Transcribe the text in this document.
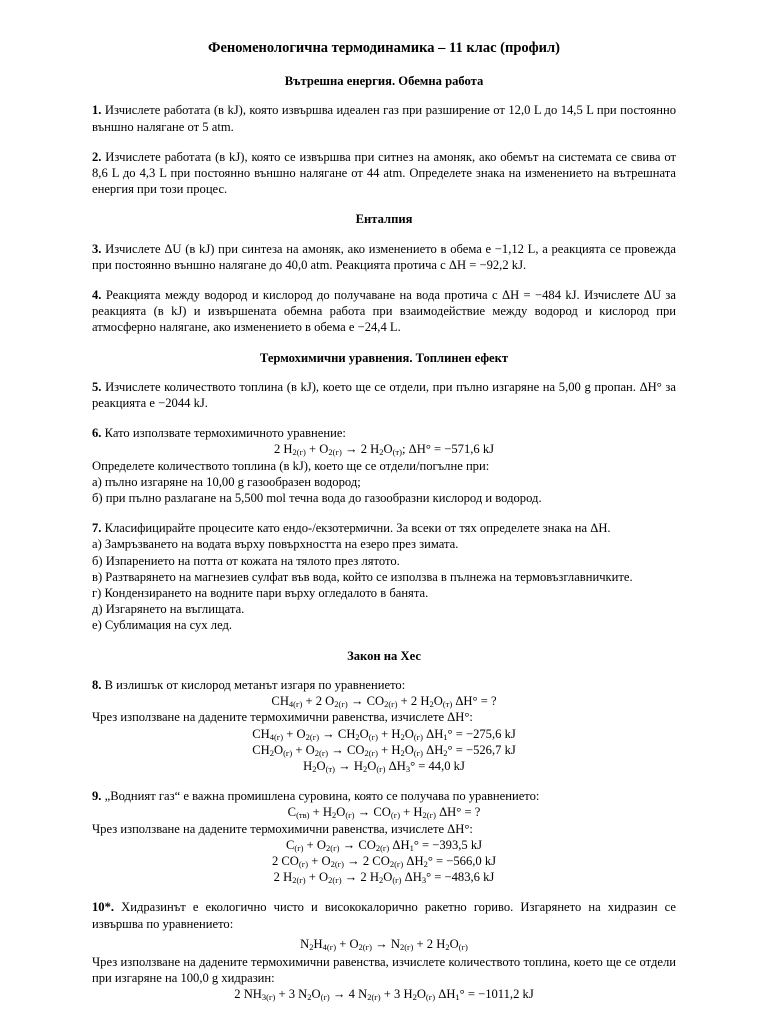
Феноменологична термодинамика – 11 клас (профил)
Вътрешна енергия. Обемна работа

1. Изчислете работата (в kJ), която извършва идеален газ при разширение от 12,0 L до 14,5 L при постоянно външно налягане от 5 atm.

2. Изчислете работата (в kJ), която се извършва при ситнез на амоняк, ако обемът на системата се свива от 8,6 L до 4,3 L при постоянно външно налягане от 44 atm. Определете знака на изменението на вътрешната енергия при този процес.

Енталпия

3. Изчислете ΔU (в kJ) при синтеза на амоняк, ако изменението в обема е −1,12 L, а реакцията се провежда при постоянно външно налягане до 40,0 atm. Реакцията протича с ΔH = −92,2 kJ.

4. Реакцията между водород и кислород до получаване на вода протича с ΔH = −484 kJ. Изчислете ΔU за реакцията (в kJ) и извършената обемна работа при взаимодействие между водород и кислород при атмосферно налягане, ако изменението в обема е −24,4 L.

Термохимични уравнения. Топлинен ефект

5. Изчислете количеството топлина (в kJ), което ще се отдели, при пълно изгаряне на 5,00 g пропан. ΔH° за реакцията е −2044 kJ.

6. Като използвате термохимичното уравнение:

2 $H_{2(г)} + O_{2(г)} \to 2$ $H_2O_{(т)}$; ΔH° = −571,6 kJ

Определете количеството топлина (в kJ), което ще се отдели/погълне при:

а) пълно изгаряне на 10,00 g газообразен водород;

б) при пълно разлагане на 5,500 mol течна вода до газообразни кислород и водород.

7. Класифицирайте процесите като ендо-/екзотермични. За всеки от тях определете знака на ΔH.

а) Замръзването на водата върху повърхността на езеро през зимата.

б) Изпарението на потта от кожата на тялото през лятото.

в) Разтварянето на магнезиев сулфат във вода, който се използва в пълнежа на термовъзглавничките.

г) Кондензирането на водните пари върху огледалото в банята.

д) Изгарянето на въглищата.

е) Сублимация на сух лед.

Закон на Хес

8. В излишък от кислород метанът изгаря по уравнението:

$CH_{4(г)} + 2$ $O_{2(г)} \to CO_{2(г)} + 2$ $H_2O_{(т)}$ ΔH° = ?

Чрез използване на дадените термохимични равенства, изчислете ΔH°:

$CH_{4(г)} + O_{2(г)} \to CH_2O_{(г)} + H_2O_{(г)}$ $\Delta H_1^\circ = -275,6$ kJ

$CH_2O_{(г)} + O_{2(г)} \to CO_{2(г)} + H_2O_{(г)}$ $\Delta H_2^\circ = -526,7$ kJ

$H_2O_{(т)} \to H_2O_{(г)}$ $\Delta H_3^\circ = 44,0$ kJ

9. „Водният газ“ е важна промишлена суровина, която се получава по уравнението:

$C_{(тв)} + H_2O_{(г)} \to CO_{(г)} + H_{2(г)}$ ΔH° = ?

Чрез използване на дадените термохимични равенства, изчислете ΔH°:

$C_{(г)} + O_{2(г)} \to CO_{2(г)}$ $\Delta H_1^\circ = -393,5$ kJ

2 $CO_{(г)} + O_{2(г)} \to 2$ $CO_{2(г)}$ $\Delta H_2^\circ = -566,0$ kJ

2 $H_{2(г)} + O_{2(г)} \to 2$ $H_2O_{(г)}$ $\Delta H_3^\circ = -483,6$ kJ

10*. Хидразинът е екологично чисто и висококалорично ракетно гориво. Изгарянето на хидразин се извършва по уравнението:

$N_2H_{4(г)} + O_{2(г)} \to N_{2(г)} + 2$ $H_2O_{(г)}$

Чрез използване на дадените термохимични равенства, изчислете количеството топлина, което ще се отдели при изгаряне на 100,0 g хидразин:

2 $NH_{3(г)} + 3$ $N_2O_{(г)} \to 4$ $N_{2(г)} + 3$ $H_2O_{(г)}$ $\Delta H_1^\circ = -1011,2$ kJ
